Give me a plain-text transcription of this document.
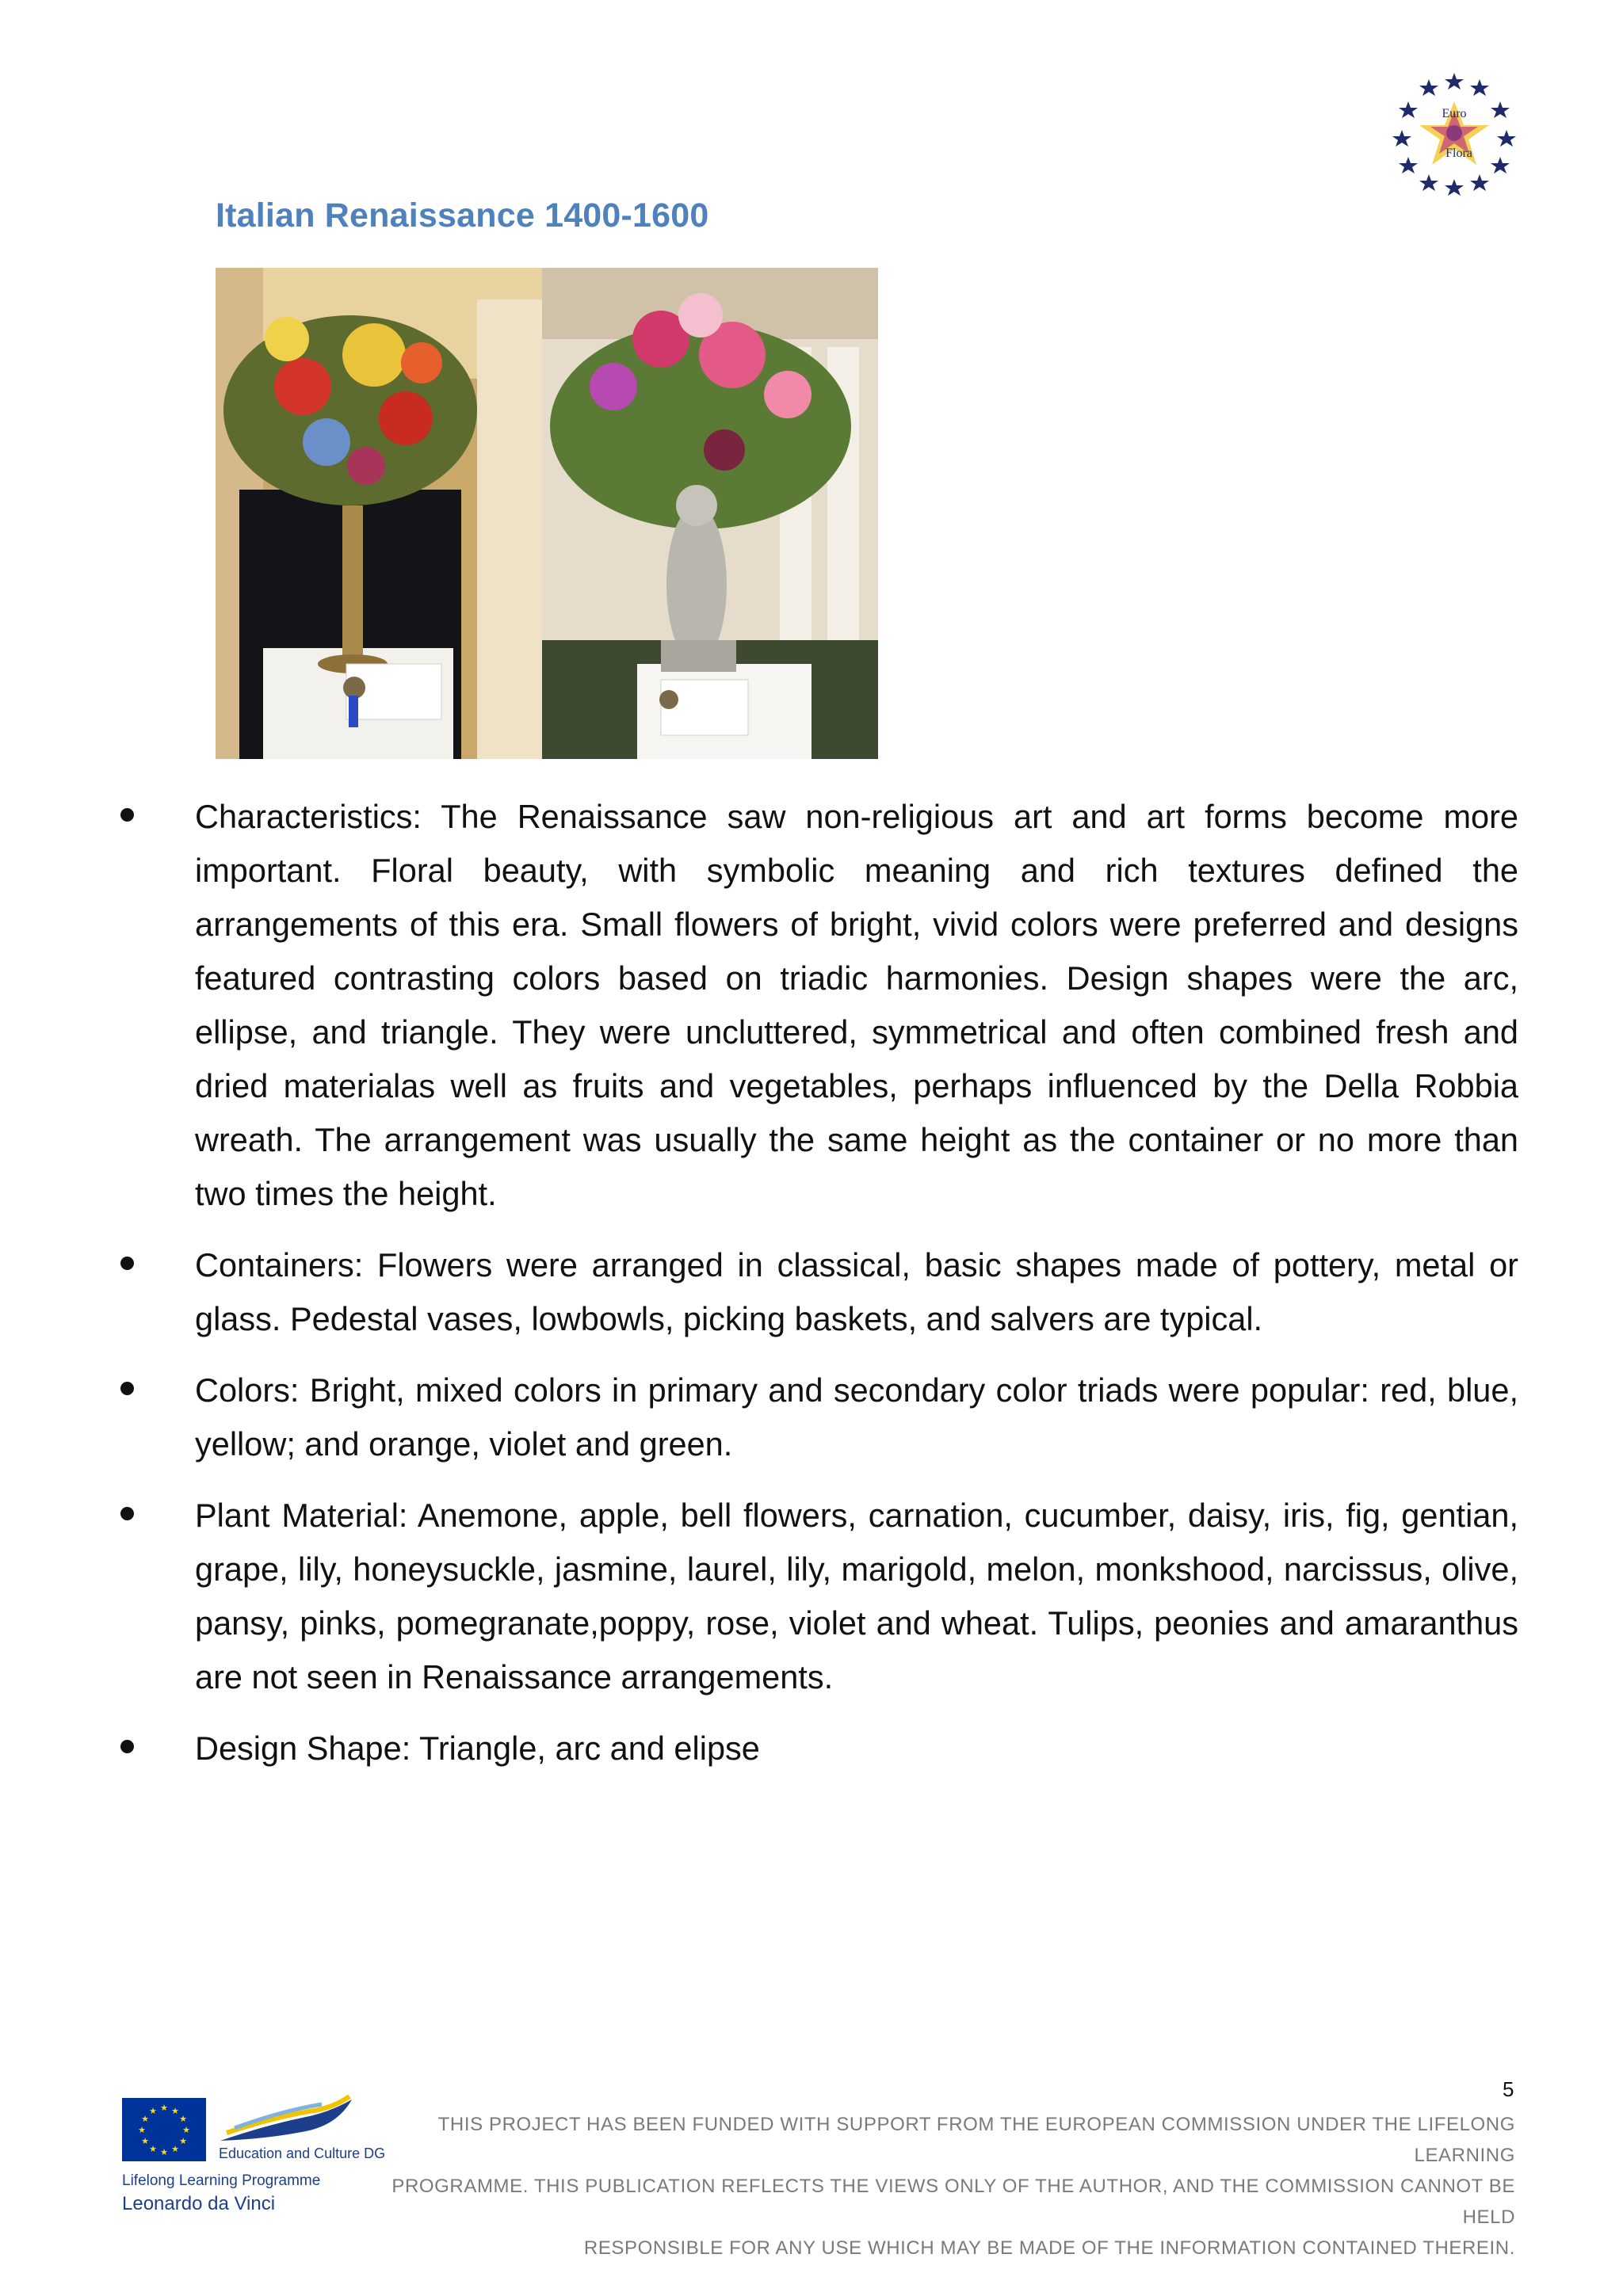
Euro
Flora
Italian Renaissance 1400-1600
Characteristics: The Renaissance saw non-religious art and art forms become more important. Floral beauty, with symbolic meaning and rich textures defined the arrangements of this era. Small flowers of bright, vivid colors were preferred and designs featured contrasting colors based on triadic harmonies. Design shapes were the arc, ellipse, and triangle. They were uncluttered, symmetrical and often combined fresh and dried materialas well as fruits and vegetables, perhaps influenced by the Della Robbia wreath. The arrangement was usually the same height as the container or no more than two times the height.
Containers: Flowers were arranged in classical, basic shapes made of pottery, metal or glass. Pedestal vases, lowbowls, picking baskets, and salvers are typical.
Colors: Bright, mixed colors in primary and secondary color triads were popular: red, blue, yellow; and orange, violet and green.
Plant Material: Anemone, apple, bell flowers, carnation, cucumber, daisy, iris, fig, gentian, grape, lily, honeysuckle, jasmine, laurel, lily, marigold, melon, monkshood, narcissus, olive, pansy, pinks, pomegranate,poppy, rose, violet and wheat. Tulips, peonies and amaranthus are not seen in Renaissance arrangements.
Design Shape: Triangle, arc and elipse
5
★ ★
★
★
★
★
★
★
★
★
★
★
Education and Culture DG
Lifelong Learning Programme
Leonardo da Vinci
THIS PROJECT HAS BEEN FUNDED WITH SUPPORT FROM THE EUROPEAN COMMISSION UNDER THE LIFELONG LEARNING
PROGRAMME. THIS PUBLICATION REFLECTS THE VIEWS ONLY OF THE AUTHOR, AND THE COMMISSION CANNOT BE HELD
RESPONSIBLE FOR ANY USE WHICH MAY BE MADE OF THE INFORMATION CONTAINED THEREIN.
